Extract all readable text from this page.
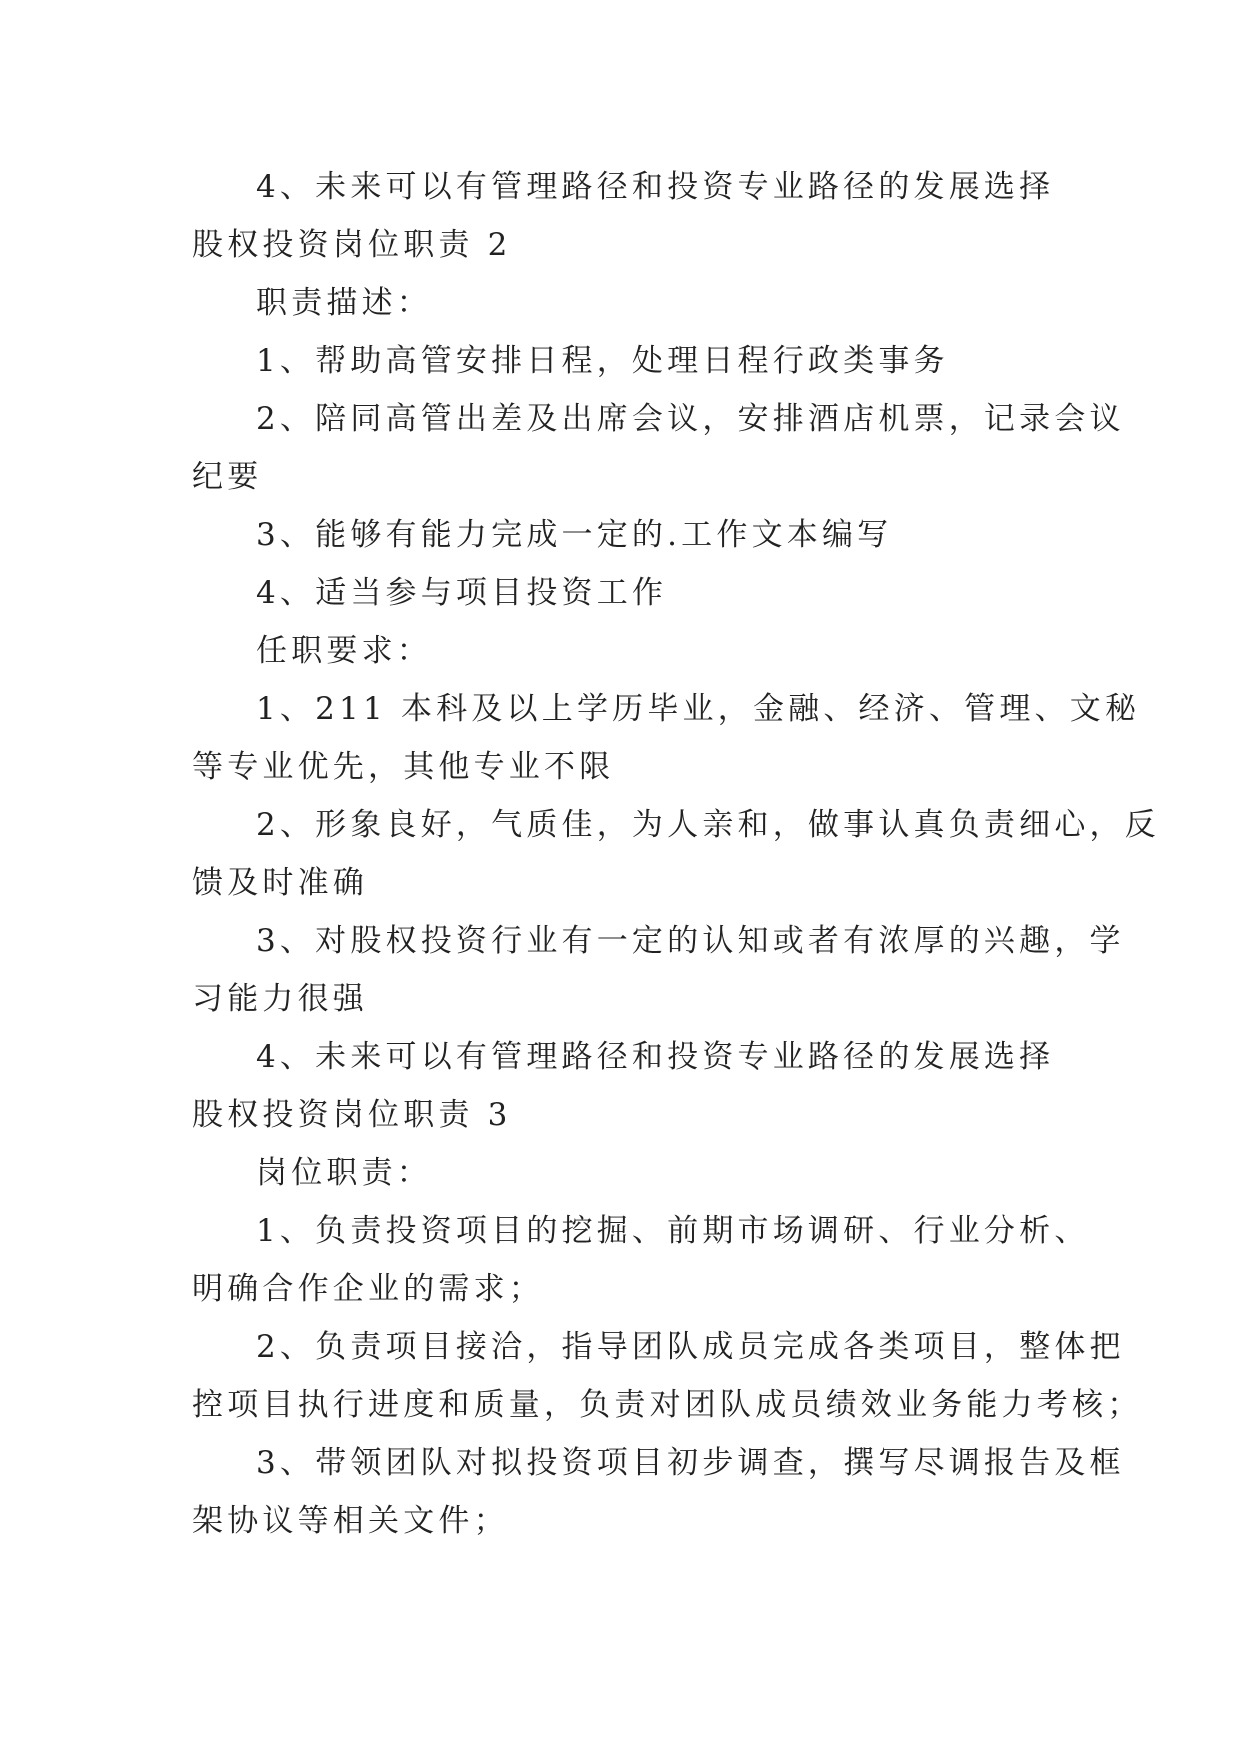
4、未来可以有管理路径和投资专业路径的发展选择
股权投资岗位职责 2
职责描述：
1、帮助高管安排日程，处理日程行政类事务
2、陪同高管出差及出席会议，安排酒店机票，记录会议
纪要
3、能够有能力完成一定的.工作文本编写
4、适当参与项目投资工作
任职要求：
1、211 本科及以上学历毕业，金融、经济、管理、文秘
等专业优先，其他专业不限
2、形象良好，气质佳，为人亲和，做事认真负责细心，反
馈及时准确
3、对股权投资行业有一定的认知或者有浓厚的兴趣，学
习能力很强
4、未来可以有管理路径和投资专业路径的发展选择
股权投资岗位职责 3
岗位职责：
1、负责投资项目的挖掘、前期市场调研、行业分析、
明确合作企业的需求；
2、负责项目接洽，指导团队成员完成各类项目，整体把
控项目执行进度和质量，负责对团队成员绩效业务能力考核；
3、带领团队对拟投资项目初步调查，撰写尽调报告及框
架协议等相关文件；
